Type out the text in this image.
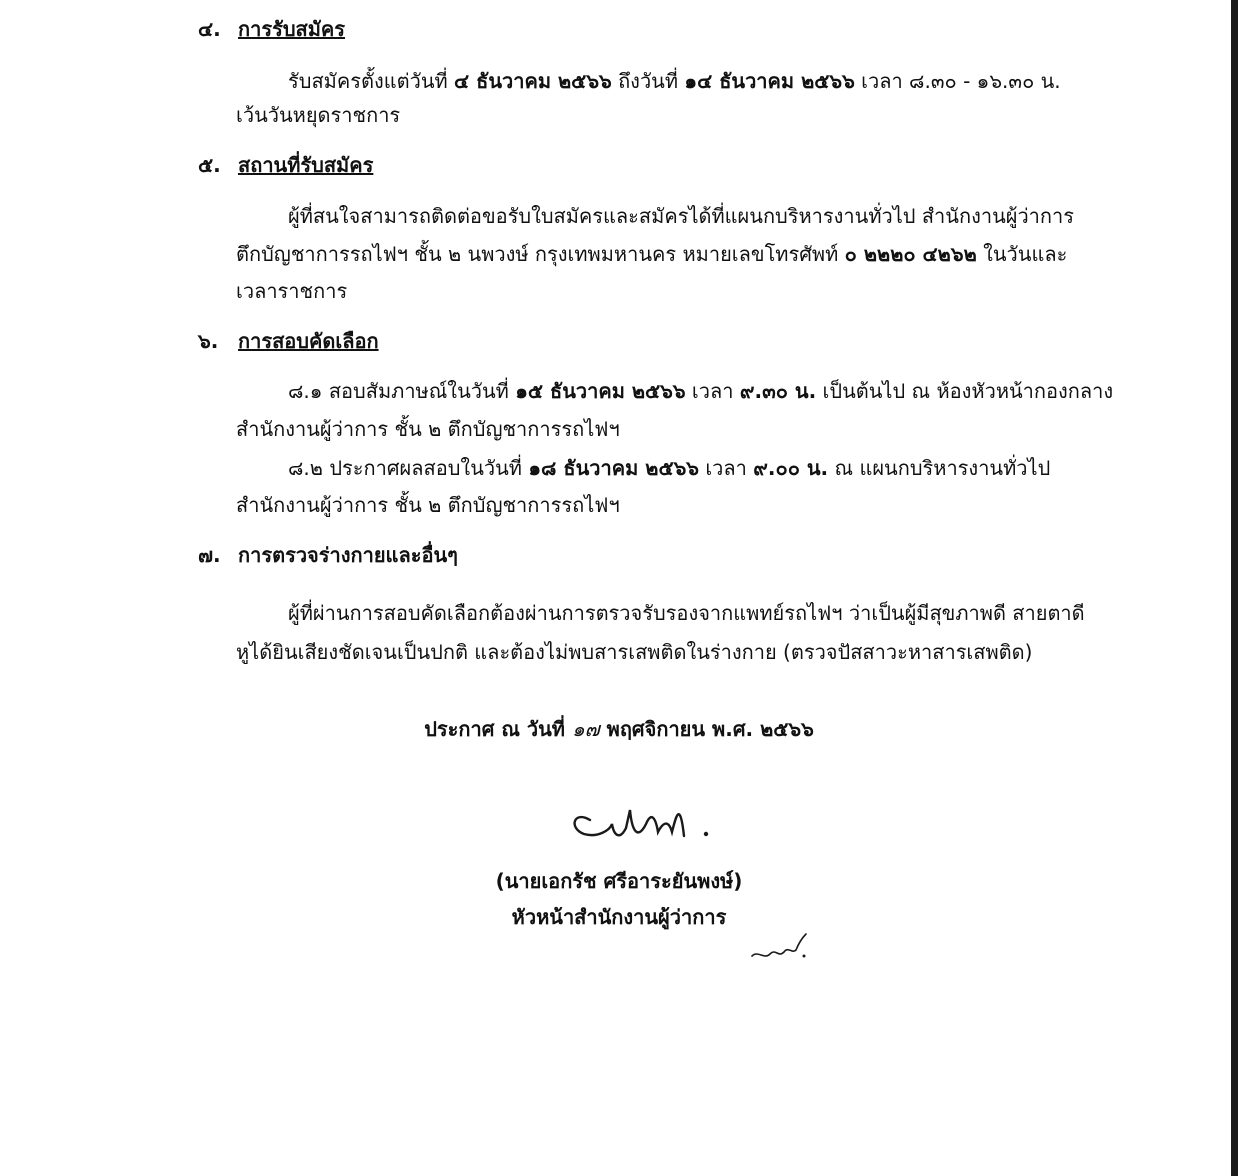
๔. การรับสมัคร
รับสมัครตั้งแต่วันที่ ๔ ธันวาคม ๒๕๖๖ ถึงวันที่ ๑๔ ธันวาคม ๒๕๖๖ เวลา ๘.๓๐ - ๑๖.๓๐ น.
เว้นวันหยุดราชการ
๕. สถานที่รับสมัคร
ผู้ที่สนใจสามารถติดต่อขอรับใบสมัครและสมัครได้ที่แผนกบริหารงานทั่วไป สำนักงานผู้ว่าการ
ตึกบัญชาการรถไฟฯ ชั้น ๒ นพวงษ์ กรุงเทพมหานคร หมายเลขโทรศัพท์ ๐ ๒๒๒๐ ๔๒๖๒ ในวันและ
เวลาราชการ
๖. การสอบคัดเลือก
๘.๑ สอบสัมภาษณ์ในวันที่ ๑๕ ธันวาคม ๒๕๖๖ เวลา ๙.๓๐ น. เป็นต้นไป ณ ห้องหัวหน้ากองกลาง
สำนักงานผู้ว่าการ ชั้น ๒ ตึกบัญชาการรถไฟฯ
๘.๒ ประกาศผลสอบในวันที่ ๑๘ ธันวาคม ๒๕๖๖ เวลา ๙.๐๐ น. ณ แผนกบริหารงานทั่วไป
สำนักงานผู้ว่าการ ชั้น ๒ ตึกบัญชาการรถไฟฯ
๗. การตรวจร่างกายและอื่นๆ
ผู้ที่ผ่านการสอบคัดเลือกต้องผ่านการตรวจรับรองจากแพทย์รถไฟฯ ว่าเป็นผู้มีสุขภาพดี สายตาดี
หูได้ยินเสียงชัดเจนเป็นปกติ และต้องไม่พบสารเสพติดในร่างกาย (ตรวจปัสสาวะหาสารเสพติด)
ประกาศ ณ วันที่ ๑๗ พฤศจิกายน พ.ศ. ๒๕๖๖
(นายเอกรัช ศรีอาระยันพงษ์)
หัวหน้าสำนักงานผู้ว่าการ
